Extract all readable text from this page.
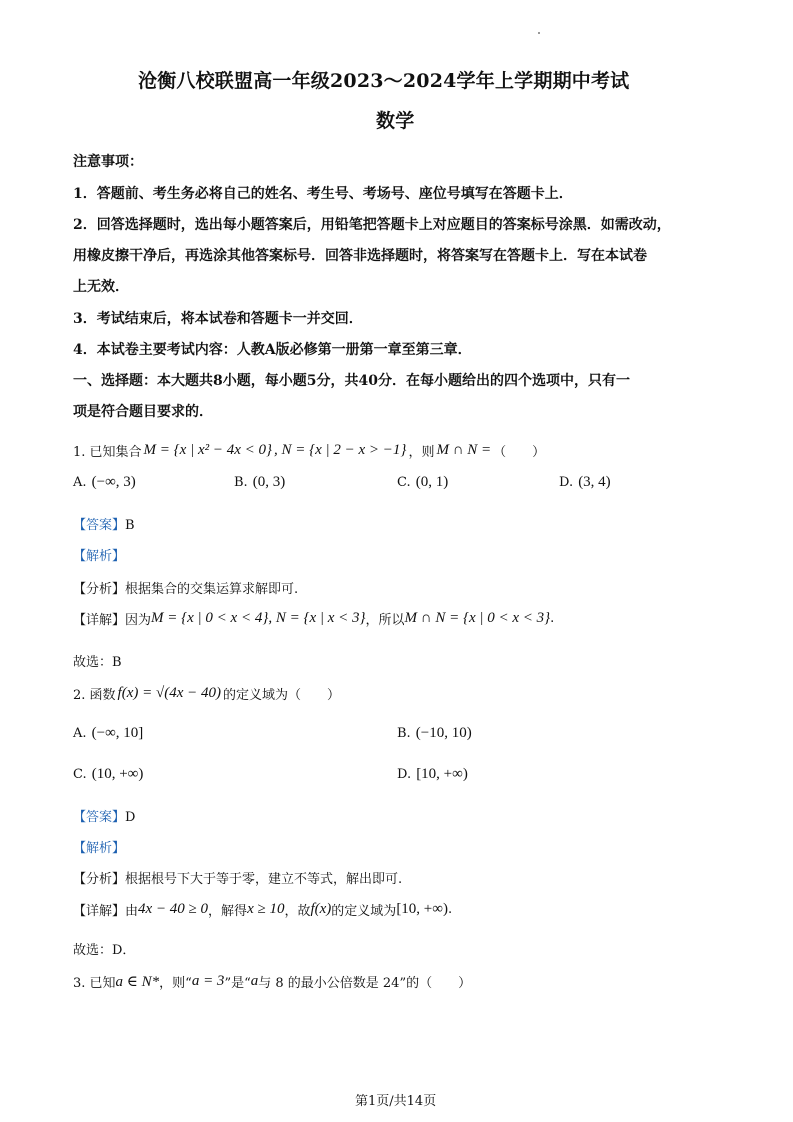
沧衡八校联盟高一年级2023～2024学年上学期期中考试
数学
注意事项：
1．答题前、考生务必将自己的姓名、考生号、考场号、座位号填写在答题卡上．
2．回答选择题时，选出每小题答案后，用铅笔把答题卡上对应题目的答案标号涂黑．如需改动，
用橡皮擦干净后，再选涂其他答案标号．回答非选择题时，将答案写在答题卡上．写在本试卷
上无效．
3．考试结束后，将本试卷和答题卡一并交回．
4．本试卷主要考试内容：人教A版必修第一册第一章至第三章．
一、选择题：本大题共8小题，每小题5分，共40分．在每小题给出的四个选项中，只有一
项是符合题目要求的．
1. 已知集合 M = {x | x² − 4x < 0} , N = {x | 2 − x > −1} ，则 M ∩ N = （　　）
A. (−∞, 3)	B. (0, 3)	C. (0, 1)	D. (3, 4)
【答案】B
【解析】
【分析】根据集合的交集运算求解即可.
【详解】 因为 M = {x | 0 < x < 4}, N = {x | x < 3} ，所以 M ∩ N = {x | 0 < x < 3} .
故选：B
2. 函数 f(x) = √(4x − 40) 的定义域为（　　）
A. (−∞, 10]	B. (−10, 10)
C. (10, +∞)	D. [10, +∞)
【答案】D
【解析】
【分析】根据根号下大于等于零，建立不等式，解出即可.
【详解】 由 4x − 40 ≥ 0 ，解得 x ≥ 10 ，故 f(x) 的定义域为 [10, +∞) .
故选：D．
3. 已知 a ∈ N* ，则“ a = 3 ”是“ a 与 8 的最小公倍数是 24”的（　　）
第1页/共14页
